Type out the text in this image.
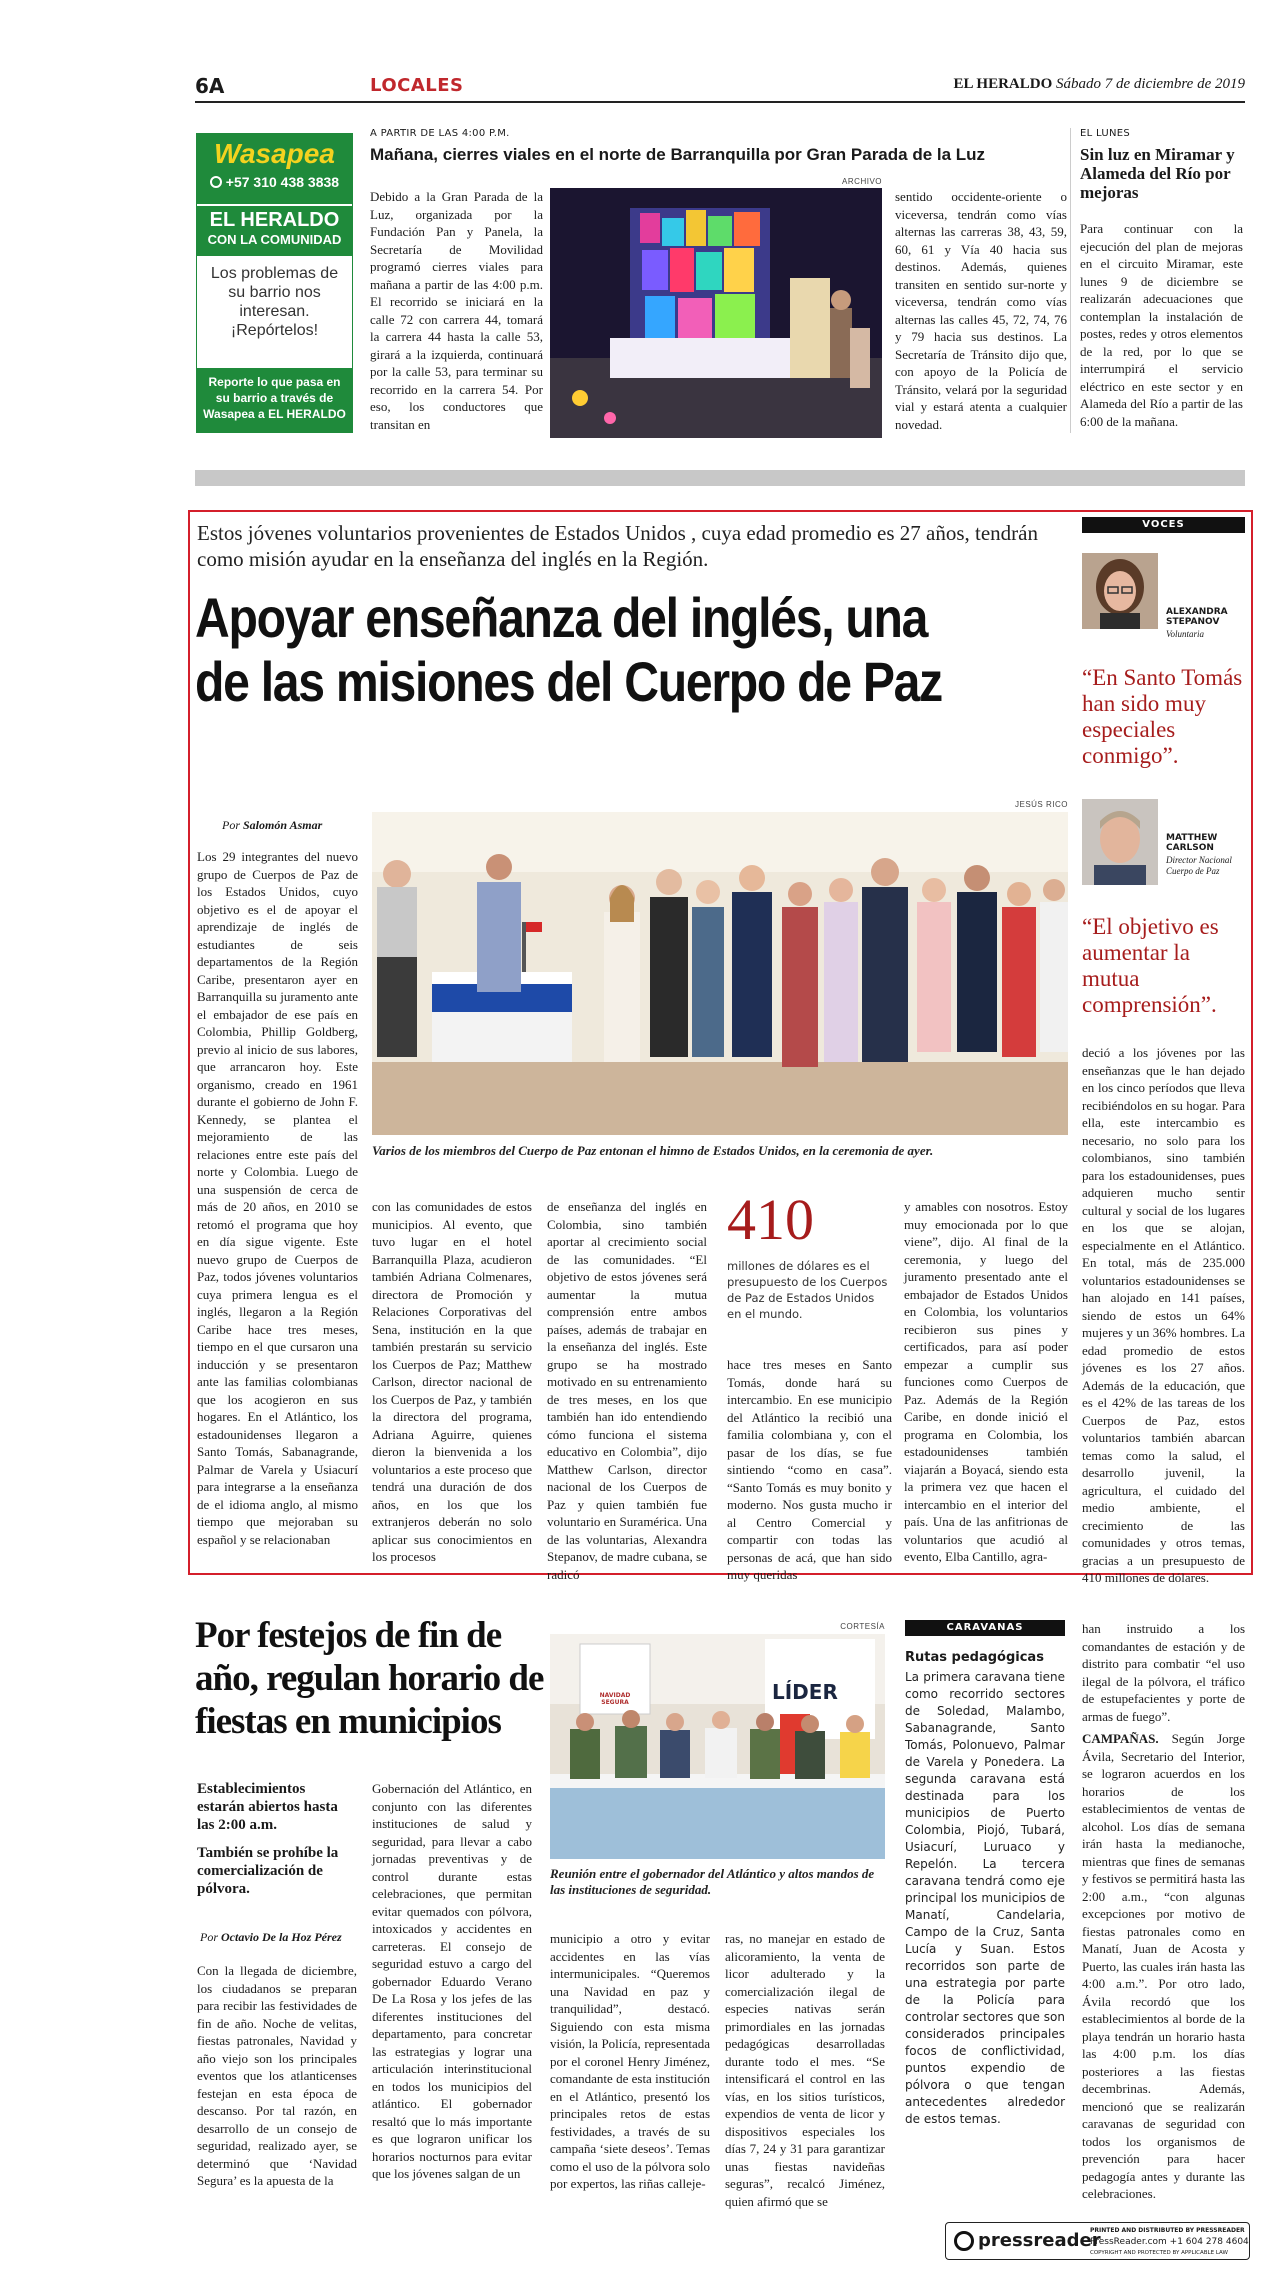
6A	LOCALES	EL HERALDO Sábado 7 de diciembre de 2019
Wasapea
+57 310 438 3838
EL HERALDO
CON LA COMUNIDAD
Los problemas de su barrio nos interesan. ¡Repórtelos!
Reporte lo que pasa en su barrio a través de Wasapea a EL HERALDO
A PARTIR DE LAS 4:00 P.M.
Mañana, cierres viales en el norte de Barranquilla por Gran Parada de la Luz
Debido a la Gran Parada de la Luz, organizada por la Fundación Pan y Panela, la Secretaría de Movilidad programó cierres viales para mañana a partir de las 4:00 p.m. El recorrido se iniciará en la calle 72 con carrera 44, tomará la carrera 44 hasta la calle 53, girará a la izquierda, continuará por la calle 53, para terminar su recorrido en la carrera 54. Por eso, los conductores que transitan en
ARCHIVO
sentido occidente-oriente o viceversa, tendrán como vías alternas las carreras 38, 43, 59, 60, 61 y Vía 40 hacia sus destinos. Además, quienes transiten en sentido sur-norte y viceversa, tendrán como vías alternas las calles 45, 72, 74, 76 y 79 hacia sus destinos. La Secretaría de Tránsito dijo que, con apoyo de la Policía de Tránsito, velará por la seguridad vial y estará atenta a cualquier novedad.
EL LUNES
Sin luz en Miramar y Alameda del Río por mejoras
Para continuar con la ejecución del plan de mejoras en el circuito Miramar, este lunes 9 de diciembre se realizarán adecuaciones que contemplan la instalación de postes, redes y otros elementos de la red, por lo que se interrumpirá el servicio eléctrico en este sector y en Alameda del Río a partir de las 6:00 de la mañana.
Estos jóvenes voluntarios provenientes de Estados Unidos , cuya edad promedio es 27 años, tendrán como misión ayudar en la enseñanza del inglés en la Región.
Apoyar enseñanza del inglés, una de las misiones del Cuerpo de Paz
VOCES
ALEXANDRA STEPANOV
Voluntaria
“En Santo Tomás han sido muy especiales conmigo”.
MATTHEW CARLSON
Director Nacional Cuerpo de Paz
“El objetivo es aumentar la mutua comprensión”.
Por Salomón Asmar
JESÚS RICO
Varios de los miembros del Cuerpo de Paz entonan el himno de Estados Unidos, en la ceremonia de ayer.
Los 29 integrantes del nuevo grupo de Cuerpos de Paz de los Estados Unidos, cuyo objetivo es el de apoyar el aprendizaje de inglés de estudiantes de seis departamentos de la Región Caribe, presentaron ayer en Barranquilla su juramento ante el embajador de ese país en Colombia, Phillip Goldberg, previo al inicio de sus labores, que arrancaron hoy. Este organismo, creado en 1961 durante el gobierno de John F. Kennedy, se plantea el mejoramiento de las relaciones entre este país del norte y Colombia. Luego de una suspensión de cerca de más de 20 años, en 2010 se retomó el programa que hoy en día sigue vigente. Este nuevo grupo de Cuerpos de Paz, todos jóvenes voluntarios cuya primera lengua es el inglés, llegaron a la Región Caribe hace tres meses, tiempo en el que cursaron una inducción y se presentaron ante las familias colombianas que los acogieron en sus hogares. En el Atlántico, los estadounidenses llegaron a Santo Tomás, Sabanagrande, Palmar de Varela y Usiacurí para integrarse a la enseñanza de el idioma anglo, al mismo tiempo que mejoraban su español y se relacionaban
con las comunidades de estos municipios. Al evento, que tuvo lugar en el hotel Barranquilla Plaza, acudieron también Adriana Colmenares, directora de Promoción y Relaciones Corporativas del Sena, institución en la que también prestarán su servicio los Cuerpos de Paz; Matthew Carlson, director nacional de los Cuerpos de Paz, y también la directora del programa, Adriana Aguirre, quienes dieron la bienvenida a los voluntarios a este proceso que tendrá una duración de dos años, en los que los extranjeros deberán no solo aplicar sus conocimientos en los procesos
de enseñanza del inglés en Colombia, sino también aportar al crecimiento social de las comunidades. “El objetivo de estos jóvenes será aumentar la mutua comprensión entre ambos países, además de trabajar en la enseñanza del inglés. Este grupo se ha mostrado motivado en su entrenamiento de tres meses, en los que también han ido entendiendo cómo funciona el sistema educativo en Colombia”, dijo Matthew Carlson, director nacional de los Cuerpos de Paz y quien también fue voluntario en Suramérica. Una de las voluntarias, Alexandra Stepanov, de madre cubana, se radicó
410
millones de dólares es el presupuesto de los Cuerpos de Paz de Estados Unidos en el mundo.
hace tres meses en Santo Tomás, donde hará su intercambio. En ese municipio del Atlántico la recibió una familia colombiana y, con el pasar de los días, se fue sintiendo “como en casa”. “Santo Tomás es muy bonito y moderno. Nos gusta mucho ir al Centro Comercial y compartir con todas las personas de acá, que han sido muy queridas
y amables con nosotros. Estoy muy emocionada por lo que viene”, dijo. Al final de la ceremonia, y luego del juramento presentado ante el embajador de Estados Unidos en Colombia, los voluntarios recibieron sus pines y certificados, para así poder empezar a cumplir sus funciones como Cuerpos de Paz. Además de la Región Caribe, en donde inició el programa en Colombia, los estadounidenses también viajarán a Boyacá, siendo esta la primera vez que hacen el intercambio en el interior del país. Una de las anfitrionas de voluntarios que acudió al evento, Elba Cantillo, agra-
deció a los jóvenes por las enseñanzas que le han dejado en los cinco períodos que lleva recibiéndolos en su hogar. Para ella, este intercambio es necesario, no solo para los colombianos, sino también para los estadounidenses, pues adquieren mucho sentir cultural y social de los lugares en los que se alojan, especialmente en el Atlántico. En total, más de 235.000 voluntarios estadounidenses se han alojado en 141 países, siendo de estos un 64% mujeres y un 36% hombres. La edad promedio de estos jóvenes es los 27 años. Además de la educación, que es el 42% de las tareas de los Cuerpos de Paz, estos voluntarios también abarcan temas como la salud, el desarrollo juvenil, la agricultura, el cuidado del medio ambiente, el crecimiento de las comunidades y otros temas, gracias a un presupuesto de 410 millones de dólares.
Por festejos de fin de año, regulan horario de fiestas en municipios
Establecimientos estarán abiertos hasta las 2:00 a.m.
También se prohíbe la comercialización de pólvora.
Por Octavio De la Hoz Pérez
Con la llegada de diciembre, los ciudadanos se preparan para recibir las festividades de fin de año. Noche de velitas, fiestas patronales, Navidad y año viejo son los principales eventos que los atlanticenses festejan en esta época de descanso. Por tal razón, en desarrollo de un consejo de seguridad, realizado ayer, se determinó que ‘Navidad Segura’ es la apuesta de la
Gobernación del Atlántico, en conjunto con las diferentes instituciones de salud y seguridad, para llevar a cabo jornadas preventivas y de control durante estas celebraciones, que permitan evitar quemados con pólvora, intoxicados y accidentes en carreteras. El consejo de seguridad estuvo a cargo del gobernador Eduardo Verano De La Rosa y los jefes de las diferentes instituciones del departamento, para concretar las estrategias y lograr una articulación interinstitucional en todos los municipios del atlántico. El gobernador resaltó que lo más importante es que lograron unificar los horarios nocturnos para evitar que los jóvenes salgan de un
CORTESÍA
NAVIDAD SEGURA	LÍDER
Reunión entre el gobernador del Atlántico y altos mandos de las instituciones de seguridad.
municipio a otro y evitar accidentes en las vías intermunicipales. “Queremos una Navidad en paz y tranquilidad”, destacó. Siguiendo con esta misma visión, la Policía, representada por el coronel Henry Jiménez, comandante de esta institución en el Atlántico, presentó los principales retos de estas festividades, a través de su campaña ‘siete deseos’. Temas como el uso de la pólvora solo por expertos, las riñas calleje-
ras, no manejar en estado de alicoramiento, la venta de licor adulterado y la comercialización ilegal de especies nativas serán primordiales en las jornadas pedagógicas desarrolladas durante todo el mes. “Se intensificará el control en las vías, en los sitios turísticos, expendios de venta de licor y dispositivos especiales los días 7, 24 y 31 para garantizar unas fiestas navideñas seguras”, recalcó Jiménez, quien afirmó que se
CARAVANAS
Rutas pedagógicas
La primera caravana tiene como recorrido sectores de Soledad, Malambo, Sabanagrande, Santo Tomás, Polonuevo, Palmar de Varela y Ponedera. La segunda caravana está destinada para los municipios de Puerto Colombia, Piojó, Tubará, Usiacurí, Luruaco y Repelón. La tercera caravana tendrá como eje principal los municipios de Manatí, Candelaria, Campo de la Cruz, Santa Lucía y Suan. Estos recorridos son parte de una estrategia por parte de la Policía para controlar sectores que son considerados principales focos de conflictividad, puntos expendio de pólvora o que tengan antecedentes alrededor de estos temas.
han instruido a los comandantes de estación y de distrito para combatir “el uso ilegal de la pólvora, el tráfico de estupefacientes y porte de armas de fuego”.
CAMPAÑAS. Según Jorge Ávila, Secretario del Interior, se lograron acuerdos en los horarios de los establecimientos de ventas de alcohol. Los días de semana irán hasta la medianoche, mientras que fines de semanas y festivos se permitirá hasta las 2:00 a.m., “con algunas excepciones por motivo de fiestas patronales como en Manatí, Juan de Acosta y Puerto, las cuales irán hasta las 4:00 a.m.”. Por otro lado, Ávila recordó que los establecimientos al borde de la playa tendrán un horario hasta las 4:00 p.m. los días posteriores a las fiestas decembrinas. Además, mencionó que se realizarán caravanas de seguridad con todos los organismos de prevención para hacer pedagogía antes y durante las celebraciones.
pressreader
PRINTED AND DISTRIBUTED BY PRESSREADER
PressReader.com +1 604 278 4604
COPYRIGHT AND PROTECTED BY APPLICABLE LAW
